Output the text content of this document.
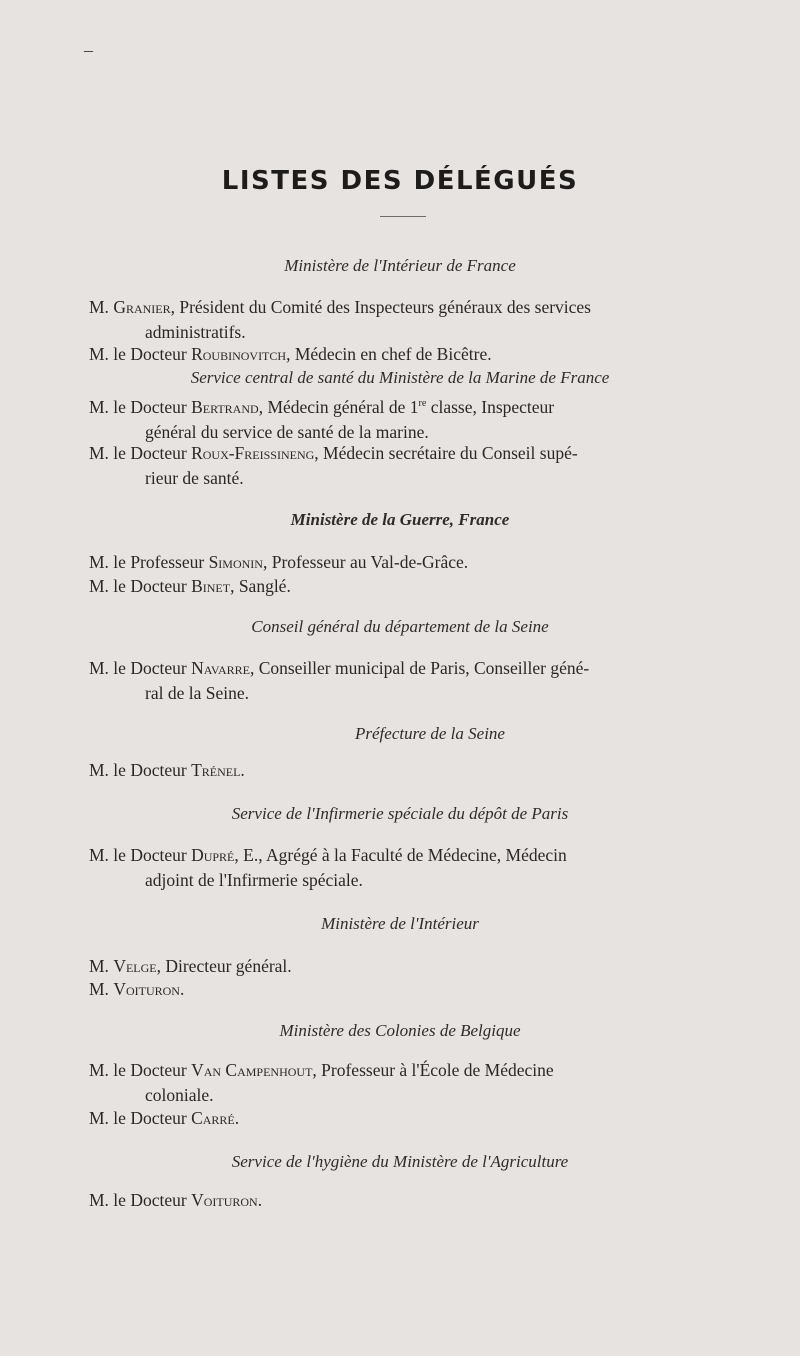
–
LISTES DES DÉLÉGUÉS
Ministère de l'Intérieur de France
M. Granier, Président du Comité des Inspecteurs généraux des services
administratifs.
M. le Docteur Roubinovitch, Médecin en chef de Bicêtre.
Service central de santé du Ministère de la Marine de France
M. le Docteur Bertrand, Médecin général de 1re classe, Inspecteur
général du service de santé de la marine.
M. le Docteur Roux-Freissineng, Médecin secrétaire du Conseil supé-
rieur de santé.
Ministère de la Guerre, France
M. le Professeur Simonin, Professeur au Val-de-Grâce.
M. le Docteur Binet, Sanglé.
Conseil général du département de la Seine
M. le Docteur Navarre, Conseiller municipal de Paris, Conseiller géné-
ral de la Seine.
Préfecture de la Seine
M. le Docteur Trénel.
Service de l'Infirmerie spéciale du dépôt de Paris
M. le Docteur Dupré, E., Agrégé à la Faculté de Médecine, Médecin
adjoint de l'Infirmerie spéciale.
Ministère de l'Intérieur
M. Velge, Directeur général.
M. Voituron.
Ministère des Colonies de Belgique
M. le Docteur Van Campenhout, Professeur à l'École de Médecine
coloniale.
M. le Docteur Carré.
Service de l'hygiène du Ministère de l'Agriculture
M. le Docteur Voituron.
